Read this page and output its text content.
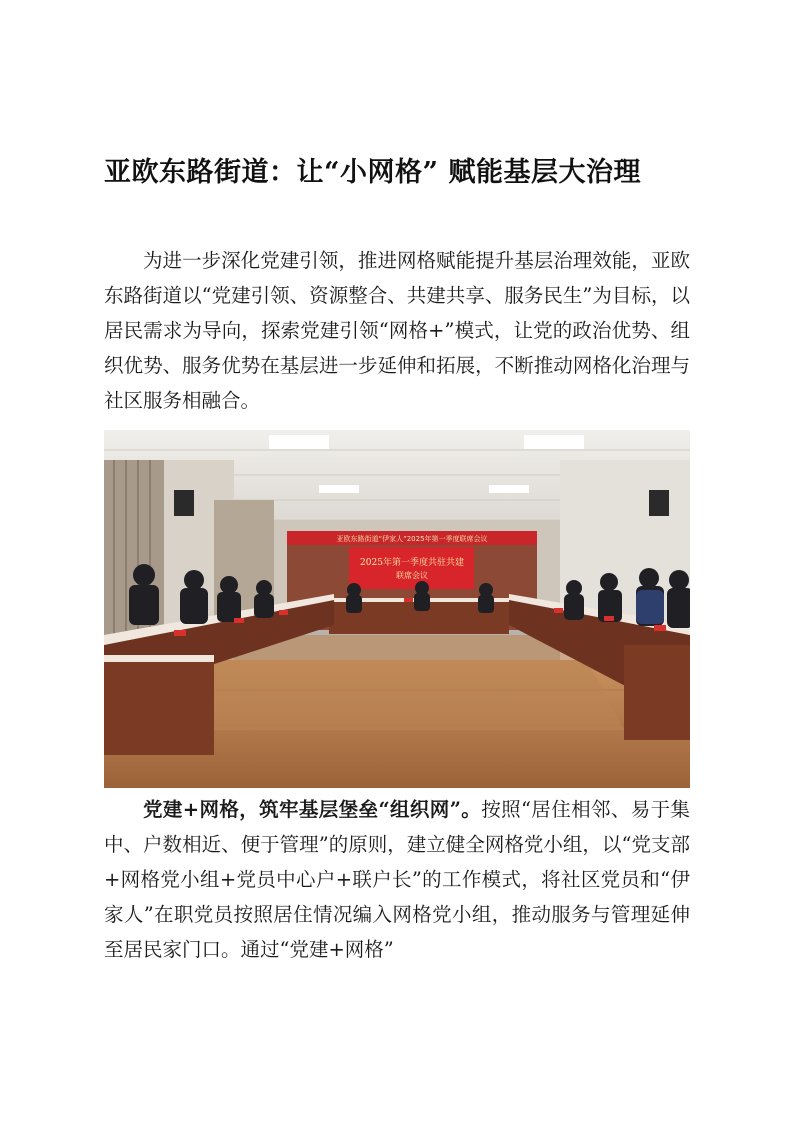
亚欧东路街道：让“小网格” 赋能基层大治理

为进一步深化党建引领，推进网格赋能提升基层治理效能，亚欧东路街道以“党建引领、资源整合、共建共享、服务民生”为目标，以居民需求为导向，探索党建引领“网格+”模式，让党的政治优势、组织优势、服务优势在基层进一步延伸和拓展，不断推动网格化治理与社区服务相融合。

亚欧东路街道“伊家人”2025年第一季度联席会议
2025年第一季度共驻共建
联席会议

党建+网格，筑牢基层堡垒“组织网”。按照“居住相邻、易于集中、户数相近、便于管理”的原则，建立健全网格党小组，以“党支部+网格党小组+党员中心户+联户长”的工作模式，将社区党员和“伊家人”在职党员按照居住情况编入网格党小组，推动服务与管理延伸至居民家门口。通过“党建+网格”
